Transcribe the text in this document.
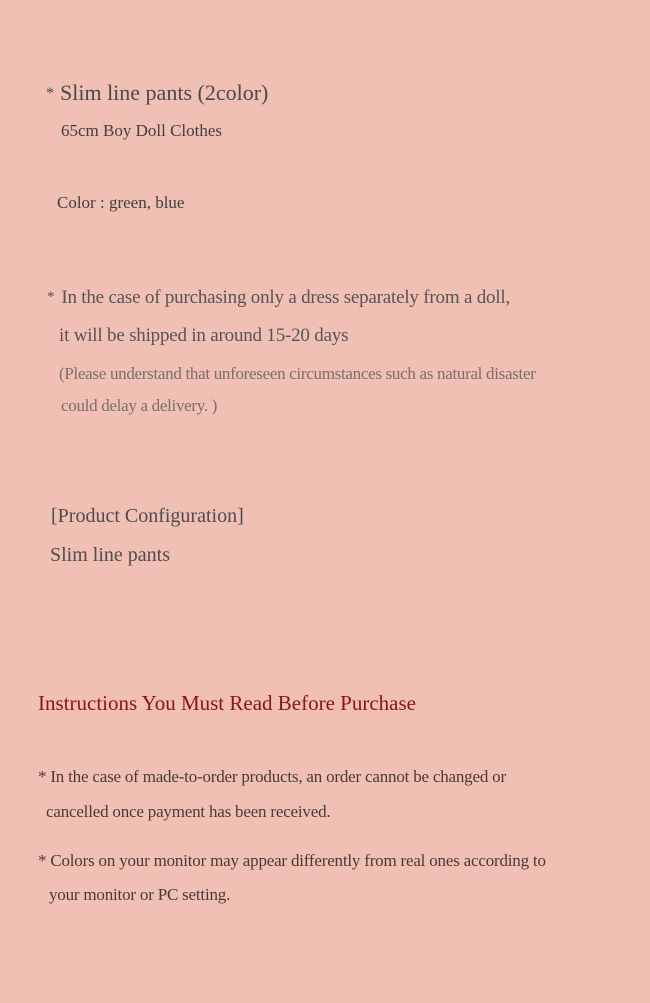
* Slim line pants (2color)
65cm Boy Doll Clothes
Color : green, blue
* In the case of purchasing only a dress separately from a doll,
it will be shipped in around 15-20 days
(Please understand that unforeseen circumstances such as natural disaster
could delay a delivery. )
[Product Configuration]
Slim line pants
Instructions You Must Read Before Purchase
* In the case of made-to-order products, an order cannot be changed or
cancelled once payment has been received.
* Colors on your monitor may appear differently from real ones according to
your monitor or PC setting.
